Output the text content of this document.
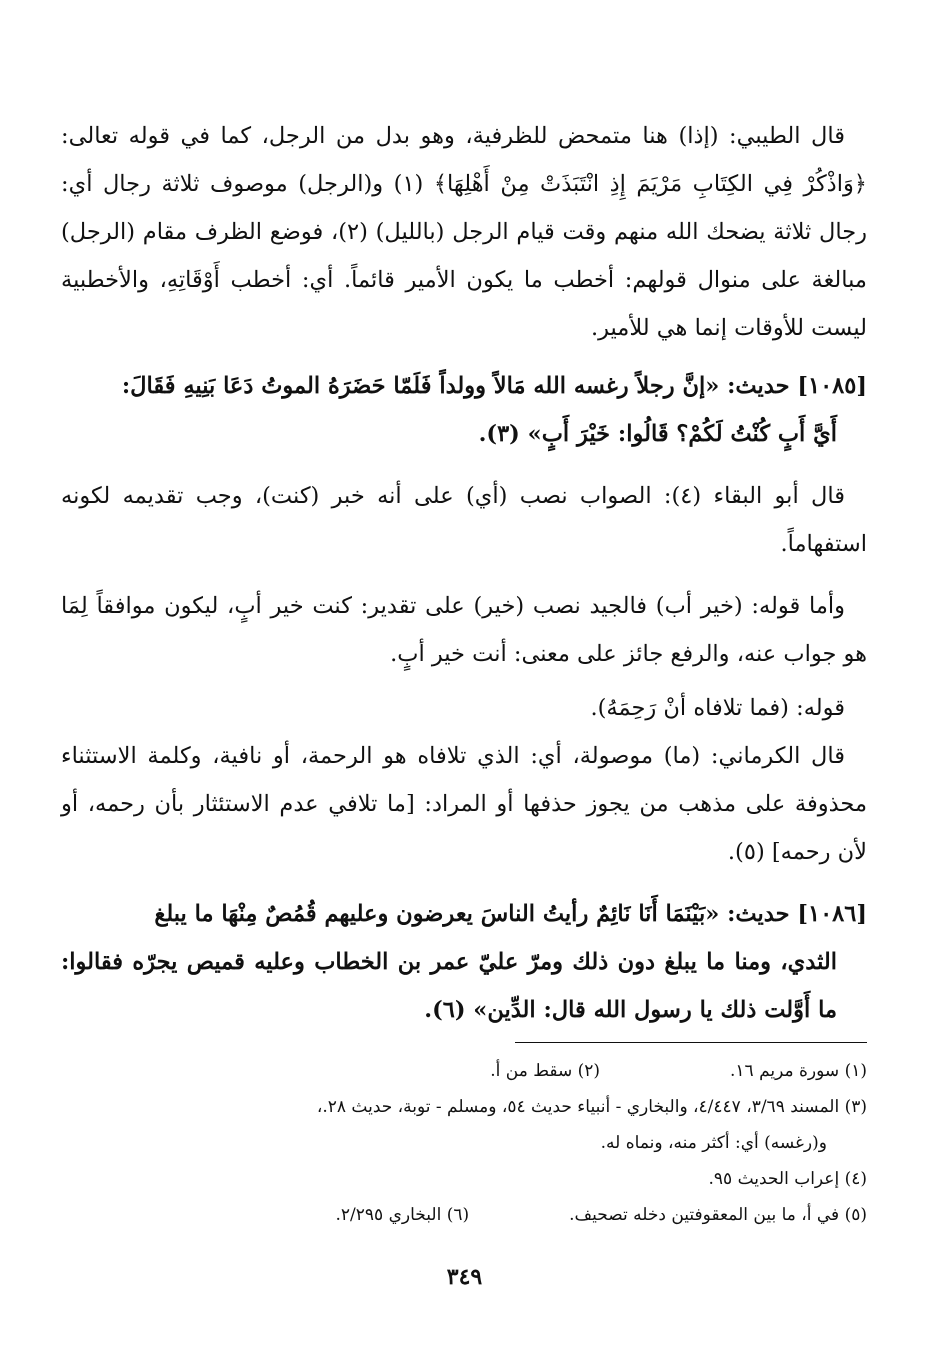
قال الطيبي: (إذا) هنا متمحض للظرفية، وهو بدل من الرجل، كما في قوله تعالى: ﴿وَاذْكُرْ فِي الكِتَابِ مَرْيَمَ إِذِ انْتَبَذَتْ مِنْ أَهْلِهَا﴾ (١) و(الرجل) موصوف ثلاثة رجال أي: رجال ثلاثة يضحك الله منهم وقت قيام الرجل (بالليل) (٢)، فوضع الظرف مقام (الرجل) مبالغة على منوال قولهم: أخطب ما يكون الأمير قائماً. أي: أخطب أَوْقَاتِهِ، والأخطبية ليست للأوقات إنما هي للأمير.

[١٠٨٥] حديث: «إنَّ رجلاً رغسه الله مَالاً وولداً فَلَمّا حَضَرَهُ الموتُ دَعَا بَنِيهِ فَقَالَ:

أَيَّ أَبٍ كُنْتُ لَكُمْ؟ قَالُوا: خَيْرَ أَبٍ» (٣).

قال أبو البقاء (٤): الصواب نصب (أي) على أنه خبر (كنت)، وجب تقديمه لكونه استفهاماً.

وأما قوله: (خير أب) فالجيد نصب (خير) على تقدير: كنت خير أبٍ، ليكون موافقاً لِمَا هو جواب عنه، والرفع جائز على معنى: أنت خير أبٍ.

قوله: (فما تلافاه أنْ رَحِمَهُ).

قال الكرماني: (ما) موصولة، أي: الذي تلافاه هو الرحمة، أو نافية، وكلمة الاستثناء محذوفة على مذهب من يجوز حذفها أو المراد: [ما تلافي عدم الاستئثار بأن رحمه، أو لأن رحمه] (٥).

[١٠٨٦] حديث: «بَيْنَمَا أَنَا نَائِمٌ رأيتُ الناسَ يعرضون وعليهم قُمُصٌ مِنْهَا ما يبلغ

الثدي، ومنا ما يبلغ دون ذلك ومرّ عليّ عمر بن الخطاب وعليه قميص يجرّه فقالوا: ما أَوَّلت ذلك يا رسول الله قال: الدِّين» (٦).

(١) سورة مريم ١٦.

(٢) سقط من أ.

(٣) المسند ٣/٦٩، ٤/٤٤٧، والبخاري - أنبياء حديث ٥٤، ومسلم - توبة، حديث ٢٨.،

و(رغسه) أي: أكثر منه، ونماه له.

(٤) إعراب الحديث ٩٥.

(٥) في أ، ما بين المعقوفتين دخله تصحيف.

(٦) البخاري ٢/٢٩٥.

٣٤٩
